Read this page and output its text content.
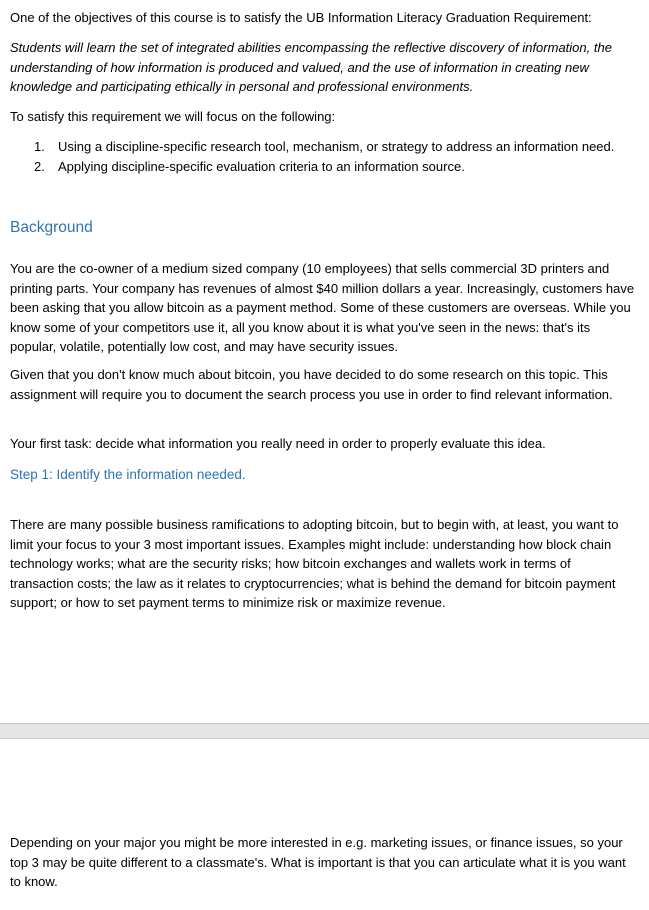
One of the objectives of this course is to satisfy the UB Information Literacy Graduation Requirement:

Students will learn the set of integrated abilities encompassing the reflective discovery of information, the understanding of how information is produced and valued, and the use of information in creating new knowledge and participating ethically in personal and professional environments.

To satisfy this requirement we will focus on the following:

1. Using a discipline-specific research tool, mechanism, or strategy to address an information need.
2. Applying discipline-specific evaluation criteria to an information source.
Background

You are the co-owner of a medium sized company (10 employees) that sells commercial 3D printers and printing parts. Your company has revenues of almost $40 million dollars a year. Increasingly, customers have been asking that you allow bitcoin as a payment method. Some of these customers are overseas. While you know some of your competitors use it, all you know about it is what you've seen in the news: that's its popular, volatile, potentially low cost, and may have security issues.

Given that you don't know much about bitcoin, you have decided to do some research on this topic. This assignment will require you to document the search process you use in order to find relevant information.

Your first task: decide what information you really need in order to properly evaluate this idea.

Step 1: Identify the information needed.

There are many possible business ramifications to adopting bitcoin, but to begin with, at least, you want to limit your focus to your 3 most important issues. Examples might include: understanding how block chain technology works; what are the security risks; how bitcoin exchanges and wallets work in terms of transaction costs; the law as it relates to cryptocurrencies; what is behind the demand for bitcoin payment support; or how to set payment terms to minimize risk or maximize revenue.

Depending on your major you might be more interested in e.g. marketing issues, or finance issues, so your top 3 may be quite different to a classmate's. What is important is that you can articulate what it is you want to know.
